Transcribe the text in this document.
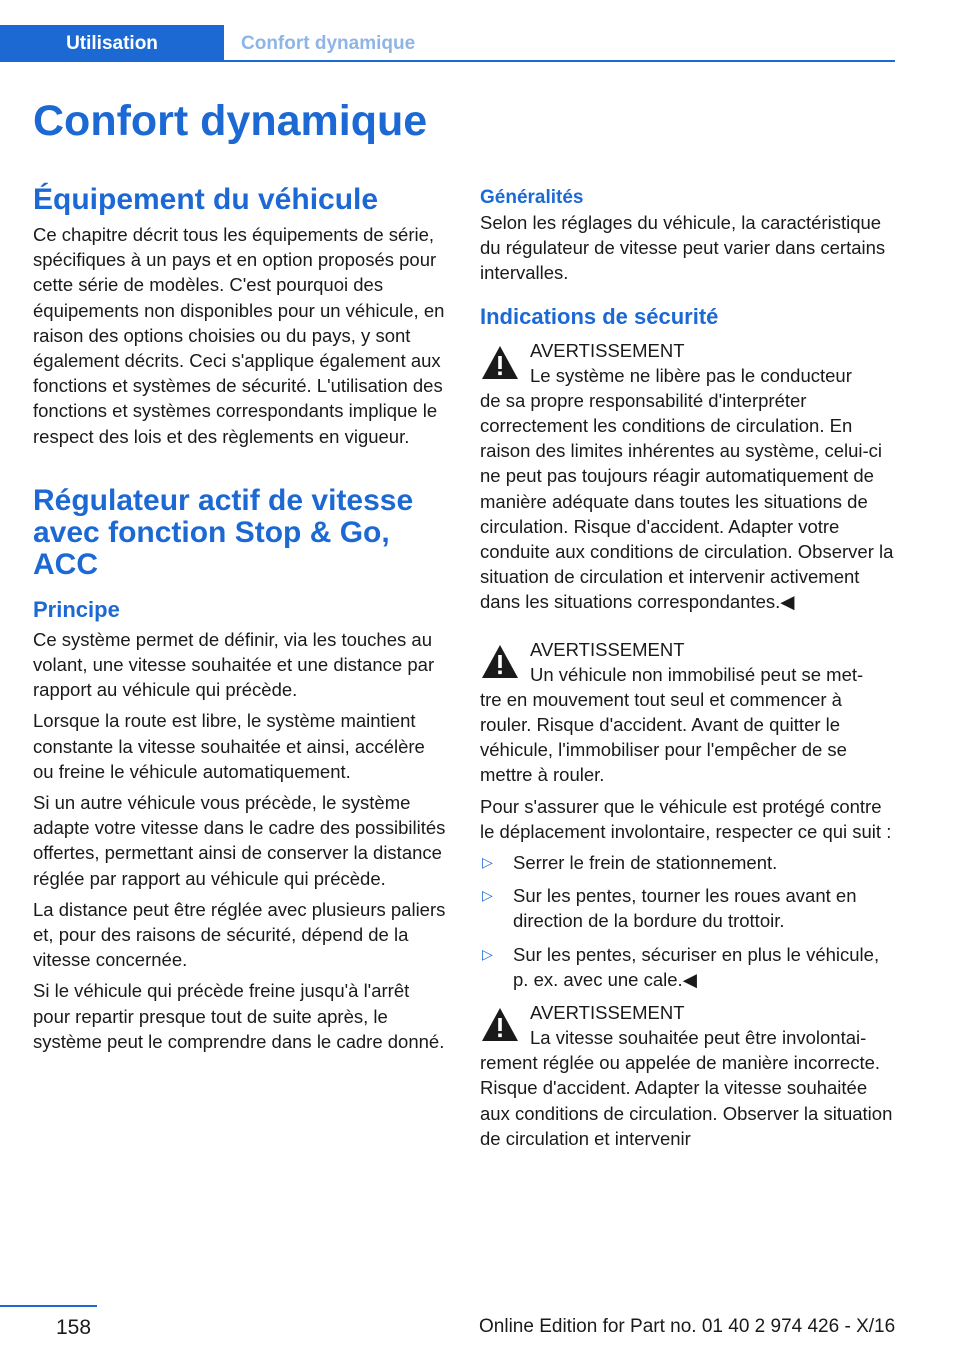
Utilisation	Confort dynamique
Confort dynamique
Équipement du véhicule

Ce chapitre décrit tous les équipements de série, spécifiques à un pays et en option proposés pour cette série de modèles. C'est pourquoi des équipements non disponibles pour un véhicule, en raison des options choisies ou du pays, y sont également décrits. Ceci s'applique également aux fonctions et systèmes de sécurité. L'utilisation des fonctions et systèmes correspondants implique le respect des lois et des règlements en vigueur.

Régulateur actif de vitesse avec fonction Stop & Go, ACC
Principe

Ce système permet de définir, via les touches au volant, une vitesse souhaitée et une distance par rapport au véhicule qui précède.

Lorsque la route est libre, le système maintient constante la vitesse souhaitée et ainsi, accélère ou freine le véhicule automatiquement.

Si un autre véhicule vous précède, le système adapte votre vitesse dans le cadre des possibilités offertes, permettant ainsi de conserver la distance réglée par rapport au véhicule qui précède.

La distance peut être réglée avec plusieurs paliers et, pour des raisons de sécurité, dépend de la vitesse concernée.

Si le véhicule qui précède freine jusqu'à l'arrêt pour repartir presque tout de suite après, le système peut le comprendre dans le cadre donné.

Généralités

Selon les réglages du véhicule, la caractéristique du régulateur de vitesse peut varier dans certains intervalles.

Indications de sécurité
AVERTISSEMENT
Le système ne libère pas le conducteur

de sa propre responsabilité d'interpréter correctement les conditions de circulation. En raison des limites inhérentes au système, celui-ci ne peut pas toujours réagir automatiquement de manière adéquate dans toutes les situations de circulation. Risque d'accident. Adapter votre conduite aux conditions de circulation. Observer la situation de circulation et intervenir activement dans les situations correspondantes.◀

AVERTISSEMENT
Un véhicule non immobilisé peut se met-

tre en mouvement tout seul et commencer à rouler. Risque d'accident. Avant de quitter le véhicule, l'immobiliser pour l'empêcher de se mettre à rouler.

Pour s'assurer que le véhicule est protégé contre le déplacement involontaire, respecter ce qui suit :

▷ Serrer le frein de stationnement.
▷ Sur les pentes, tourner les roues avant en direction de la bordure du trottoir.
▷ Sur les pentes, sécuriser en plus le véhicule, p. ex. avec une cale.◀
AVERTISSEMENT
La vitesse souhaitée peut être involontai-

rement réglée ou appelée de manière incorrecte. Risque d'accident. Adapter la vitesse souhaitée aux conditions de circulation. Observer la situation de circulation et intervenir

158	Online Edition for Part no. 01 40 2 974 426 - X/16
